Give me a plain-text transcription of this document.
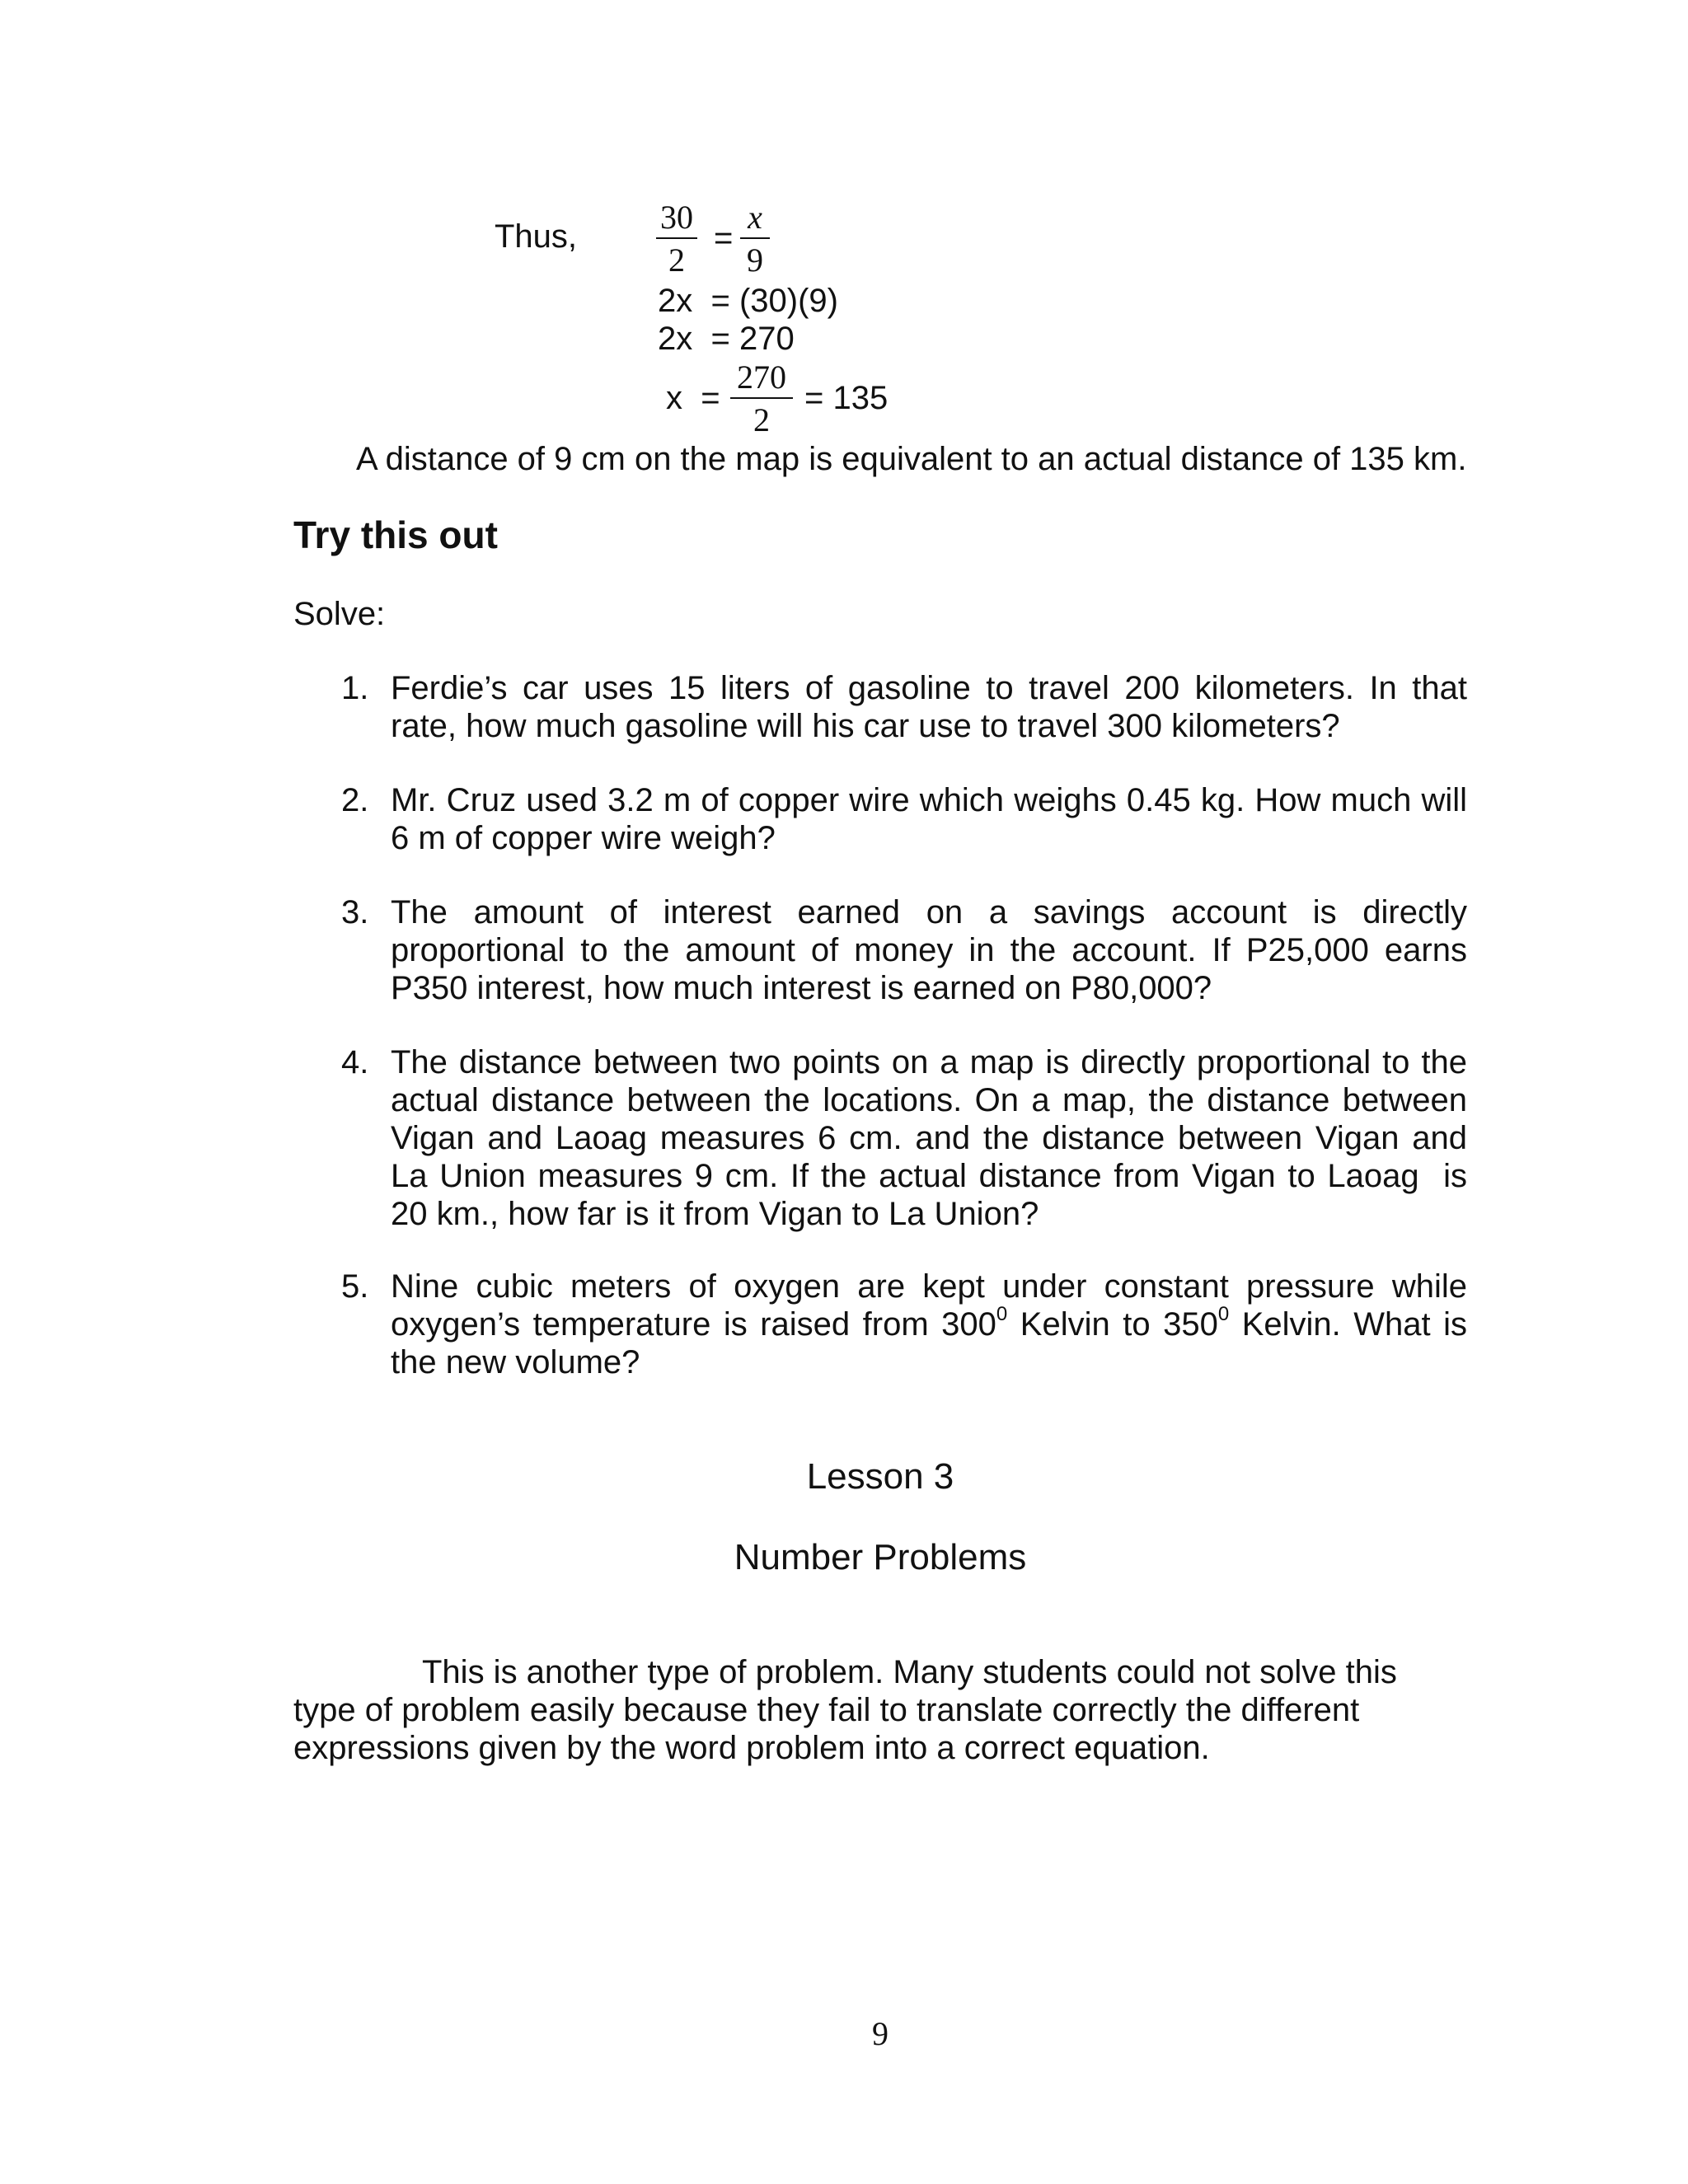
Thus,
30
2
=
x
9
2x  = (30)(9)
2x  = 270
x  =
270
2
= 135
A distance of 9 cm on the map is equivalent to an actual distance of 135 km.
Try this out
Solve:
1. Ferdie’s car uses 15 liters of gasoline to travel 200 kilometers. In that rate, how much gasoline will his car use to travel 300 kilometers?
2. Mr. Cruz used 3.2 m of copper wire which weighs 0.45 kg. How much will 6 m of copper wire weigh?
3. The amount of interest earned on a savings account is directly proportional to the amount of money in the account. If P25,000 earns P350 interest, how much interest is earned on P80,000?
4. The distance between two points on a map is directly proportional to the actual distance between the locations. On a map, the distance between Vigan and Laoag measures 6 cm. and the distance between Vigan and La Union measures 9 cm. If the actual distance from Vigan to Laoag  is 20 km., how far is it from Vigan to La Union?
5. Nine cubic meters of oxygen are kept under constant pressure while oxygen’s temperature is raised from $300^0$ Kelvin to $350^0$ Kelvin. What is the new volume?
Lesson 3
Number Problems

This is another type of problem. Many students could not solve this type of problem easily because they fail to translate correctly the different expressions given by the word problem into a correct equation.

9
